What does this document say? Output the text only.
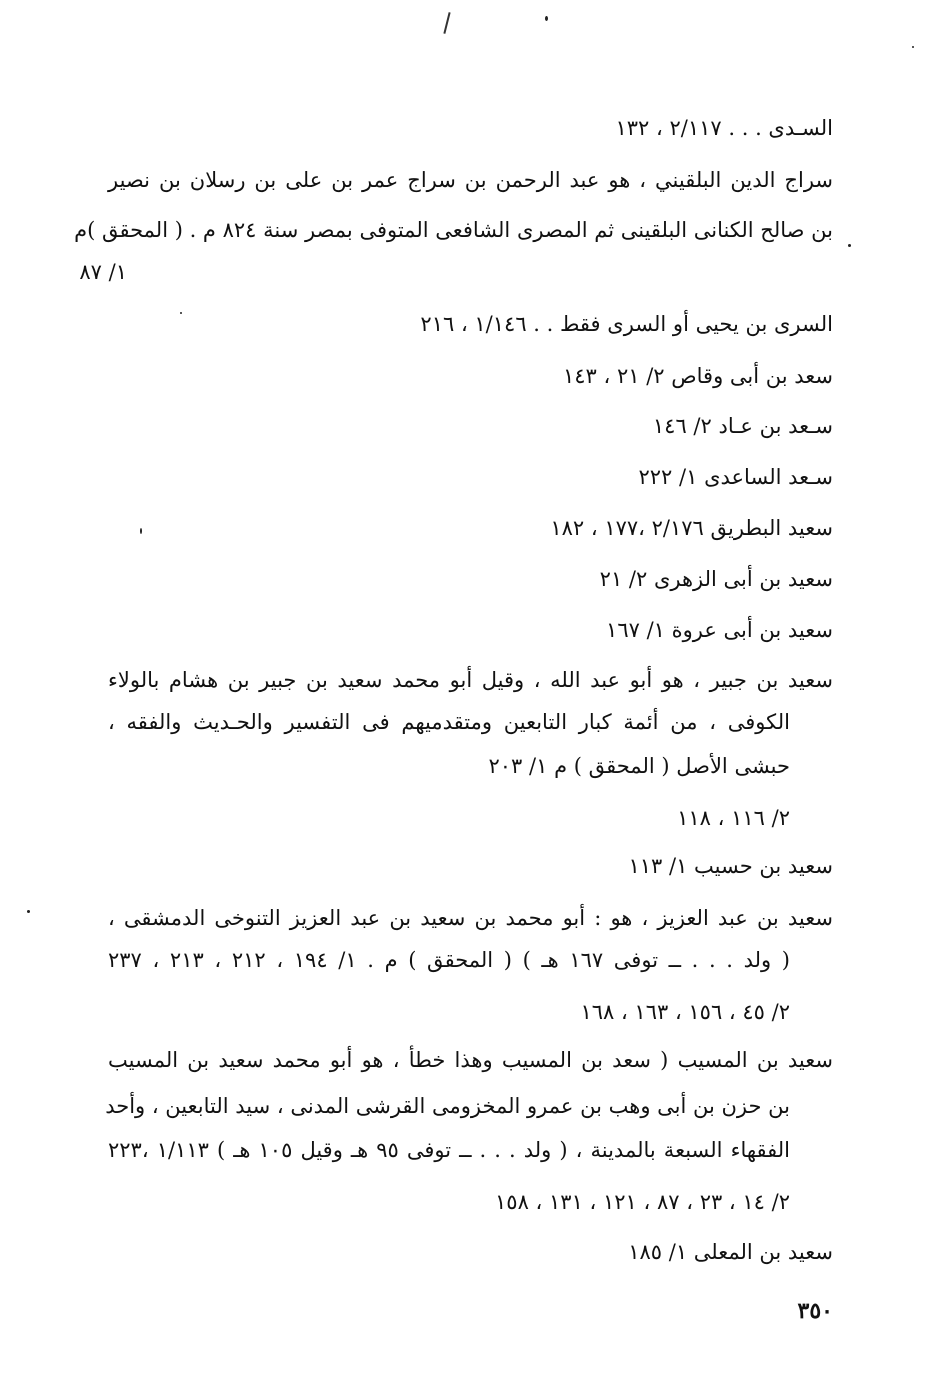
السـدى . . . ٢/١١٧ ، ١٣٢
سراج الدين البلقيني ، هو عبد الرحمن بن سراج عمر بن على بن رسلان بن نصير
بن صالح الكنانى البلقينى ثم المصرى الشافعى المتوفى بمصر سنة ٨٢٤ م . ( المحقق )م
١/ ٨٧
السرى بن يحيى أو السرى فقط . . ١/١٤٦ ، ٢١٦
سعد بن أبى وقاص ٢/ ٢١ ، ١٤٣
سـعد بن عـاد ٢/ ١٤٦
سـعد الساعدى ١/ ٢٢٢
سعيد البطريق ٢/١٧٦ ،١٧٧ ، ١٨٢
سعيد بن أبى الزهرى ٢/ ٢١
سعيد بن أبى عروة ١/ ١٦٧
سعيد بن جبير ، هو أبو عبد الله ، وقيل أبو محمد سعيد بن جبير بن هشام بالولاء
الكوفى ، من أئمة كبار التابعين ومتقدميهم فى التفسير والحـديث والفقه ،
حبشى الأصل ( المحقق ) م ١/ ٢٠٣
٢/ ١١٦ ، ١١٨
سعيد بن حسيب ١/ ١١٣
سعيد بن عبد العزيز ، هو : أبو محمد بن سعيد بن عبد العزيز التنوخى الدمشقى ،
( ولد . . . ــ توفى ١٦٧ هـ ) ( المحقق ) م . ١/ ١٩٤ ، ٢١٢ ، ٢١٣ ، ٢٣٧
٢/ ٤٥ ، ١٥٦ ، ١٦٣ ، ١٦٨
سعيد بن المسيب ( سعد بن المسيب وهذا خطأ ، هو أبو محمد سعيد بن المسيب
بن حزن بن أبى وهب بن عمرو المخزومى القرشى المدنى ، سيد التابعين ، وأحد
الفقهاء السبعة بالمدينة ، ( ولد . . . ــ توفى ٩٥ هـ وقيل ١٠٥ هـ ) ١/١١٣ ،٢٢٣
٢/ ١٤ ، ٢٣ ، ٨٧ ، ١٢١ ، ١٣١ ، ١٥٨
سعيد بن المعلى ١/ ١٨٥
٣٥٠
